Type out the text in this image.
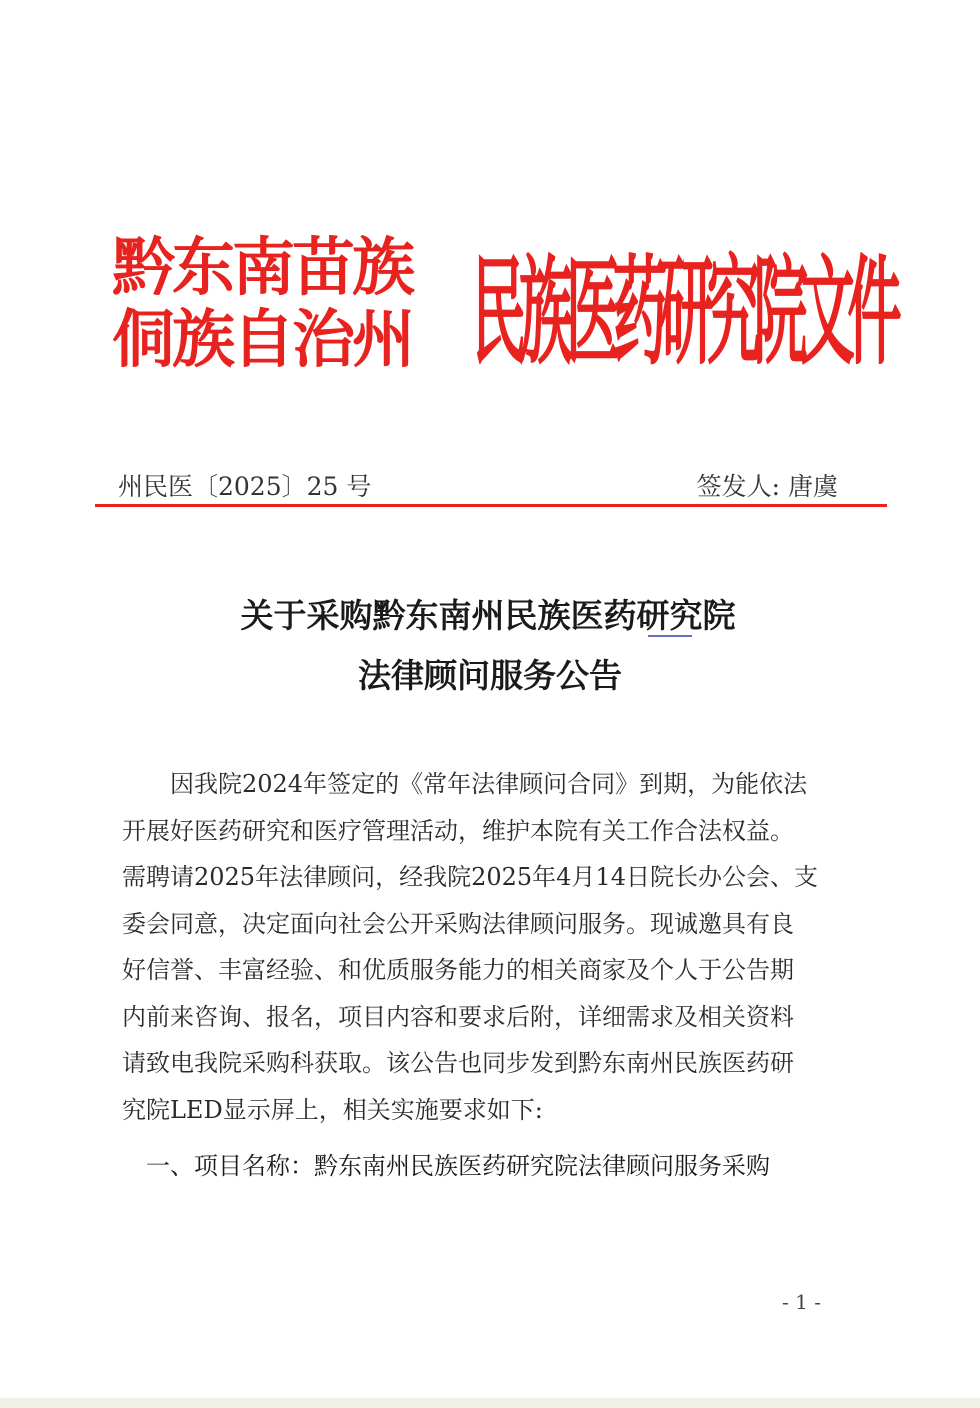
黔东南苗族
侗族自治州 民族医药研究院文件
州民医〔2025〕25 号	签发人: 唐虞
关于采购黔东南州民族医药研究院
法律顾问服务公告
　　因我院2024年签定的《常年法律顾问合同》到期，为能依法
开展好医药研究和医疗管理活动，维护本院有关工作合法权益。
需聘请2025年法律顾问，经我院2025年4月14日院长办公会、支
委会同意，决定面向社会公开采购法律顾问服务。现诚邀具有良
好信誉、丰富经验、和优质服务能力的相关商家及个人于公告期
内前来咨询、报名，项目内容和要求后附，详细需求及相关资料
请致电我院采购科获取。该公告也同步发到黔东南州民族医药研
究院LED显示屏上，相关实施要求如下:
一、项目名称：黔东南州民族医药研究院法律顾问服务采购
- 1 -
